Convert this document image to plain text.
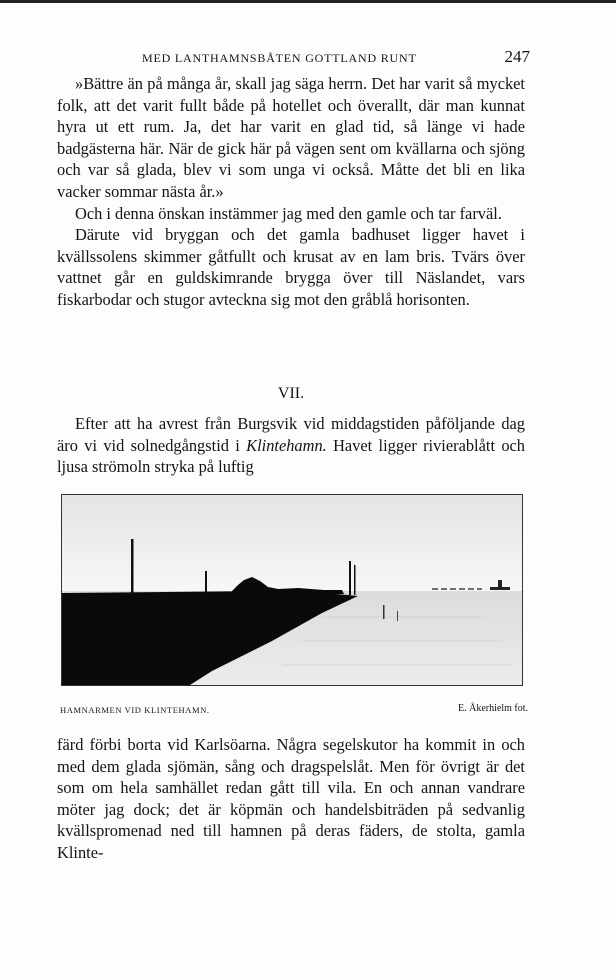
MED LANTHAMNSBÅTEN GOTTLAND RUNT	247

»Bättre än på många år, skall jag säga herrn. Det har varit så mycket folk, att det varit fullt både på hotellet och överallt, där man kunnat hyra ut ett rum. Ja, det har varit en glad tid, så länge vi hade badgästerna här. När de gick här på vägen sent om kvällarna och sjöng och var så glada, blev vi som unga vi också. Måtte det bli en lika vacker sommar nästa år.»

Och i denna önskan instämmer jag med den gamle och tar farväl.

Därute vid bryggan och det gamla badhuset ligger havet i kvällssolens skimmer gåtfullt och krusat av en lam bris. Tvärs över vattnet går en guldskimrande brygga över till Näslandet, vars fiskarbodar och stugor avteckna sig mot den gråblå horisonten.

VII.

Efter att ha avrest från Burgsvik vid middagstiden påföljande dag äro vi vid solnedgångstid i Klintehamn. Havet ligger rivierablått och ljusa strömoln stryka på luftig

HAMNARMEN VID KLINTEHAMN.	E. Åkerhielm fot.

färd förbi borta vid Karlsöarna. Några segelskutor ha kommit in och med dem glada sjömän, sång och dragspelslåt. Men för övrigt är det som om hela samhället redan gått till vila. En och annan vandrare möter jag dock; det är köpmän och handelsbiträden på sedvanlig kvällspromenad ned till hamnen på deras fäders, de stolta, gamla Klinte-
